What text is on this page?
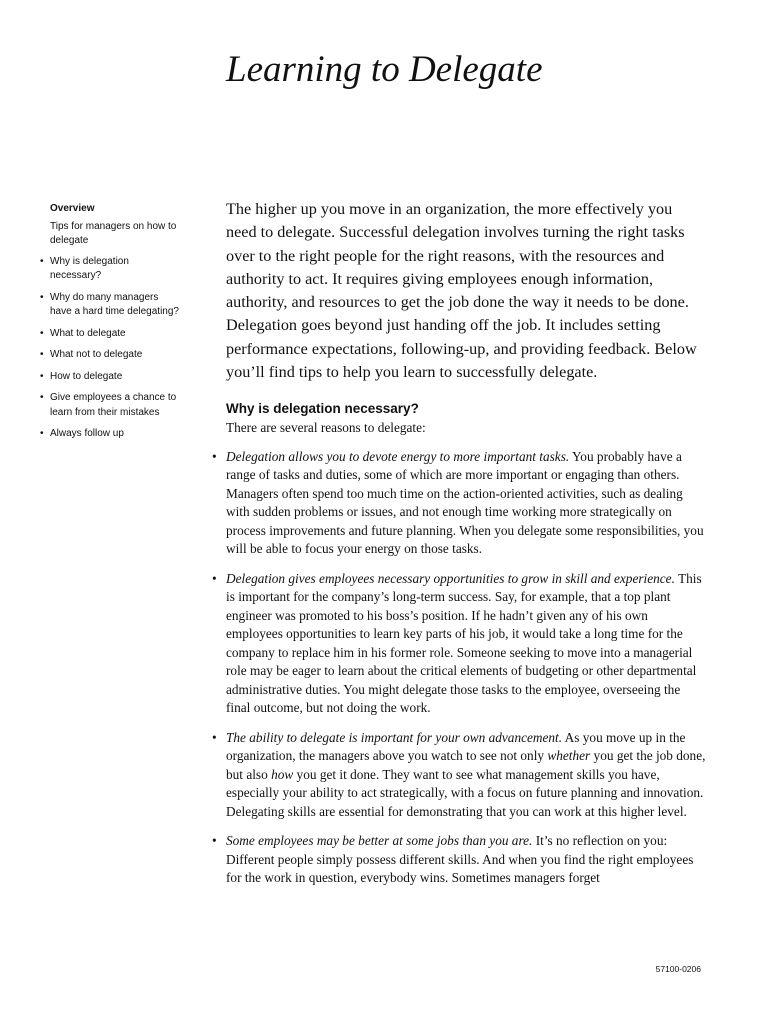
Learning to Delegate
Overview
Tips for managers on how to delegate
• Why is delegation necessary?
• Why do many managers have a hard time delegating?
• What to delegate
• What not to delegate
• How to delegate
• Give employees a chance to learn from their mistakes
• Always follow up

The higher up you move in an organization, the more effectively you need to delegate. Successful delegation involves turning the right tasks over to the right people for the right reasons, with the resources and authority to act. It requires giving employees enough information, authority, and resources to get the job done the way it needs to be done. Delegation goes beyond just handing off the job. It includes setting performance expectations, following-up, and providing feedback. Below you’ll find tips to help you learn to successfully delegate.

Why is delegation necessary?

There are several reasons to delegate:

• Delegation allows you to devote energy to more important tasks. You probably have a range of tasks and duties, some of which are more important or engaging than others. Managers often spend too much time on the action-oriented activities, such as dealing with sudden problems or issues, and not enough time working more strategically on process improvements and future planning. When you delegate some responsibilities, you will be able to focus your energy on those tasks.
• Delegation gives employees necessary opportunities to grow in skill and experience. This is important for the company’s long-term success. Say, for example, that a top plant engineer was promoted to his boss’s position. If he hadn’t given any of his own employees opportunities to learn key parts of his job, it would take a long time for the company to replace him in his former role. Someone seeking to move into a managerial role may be eager to learn about the critical elements of budgeting or other departmental administrative duties. You might delegate those tasks to the employee, overseeing the final outcome, but not doing the work.
• The ability to delegate is important for your own advancement. As you move up in the organization, the managers above you watch to see not only whether you get the job done, but also how you get it done. They want to see what management skills you have, especially your ability to act strategically, with a focus on future planning and innovation. Delegating skills are essential for demonstrating that you can work at this higher level.
• Some employees may be better at some jobs than you are. It’s no reflection on you: Different people simply possess different skills. And when you find the right employees for the work in question, everybody wins. Sometimes managers forget
57100-0206
